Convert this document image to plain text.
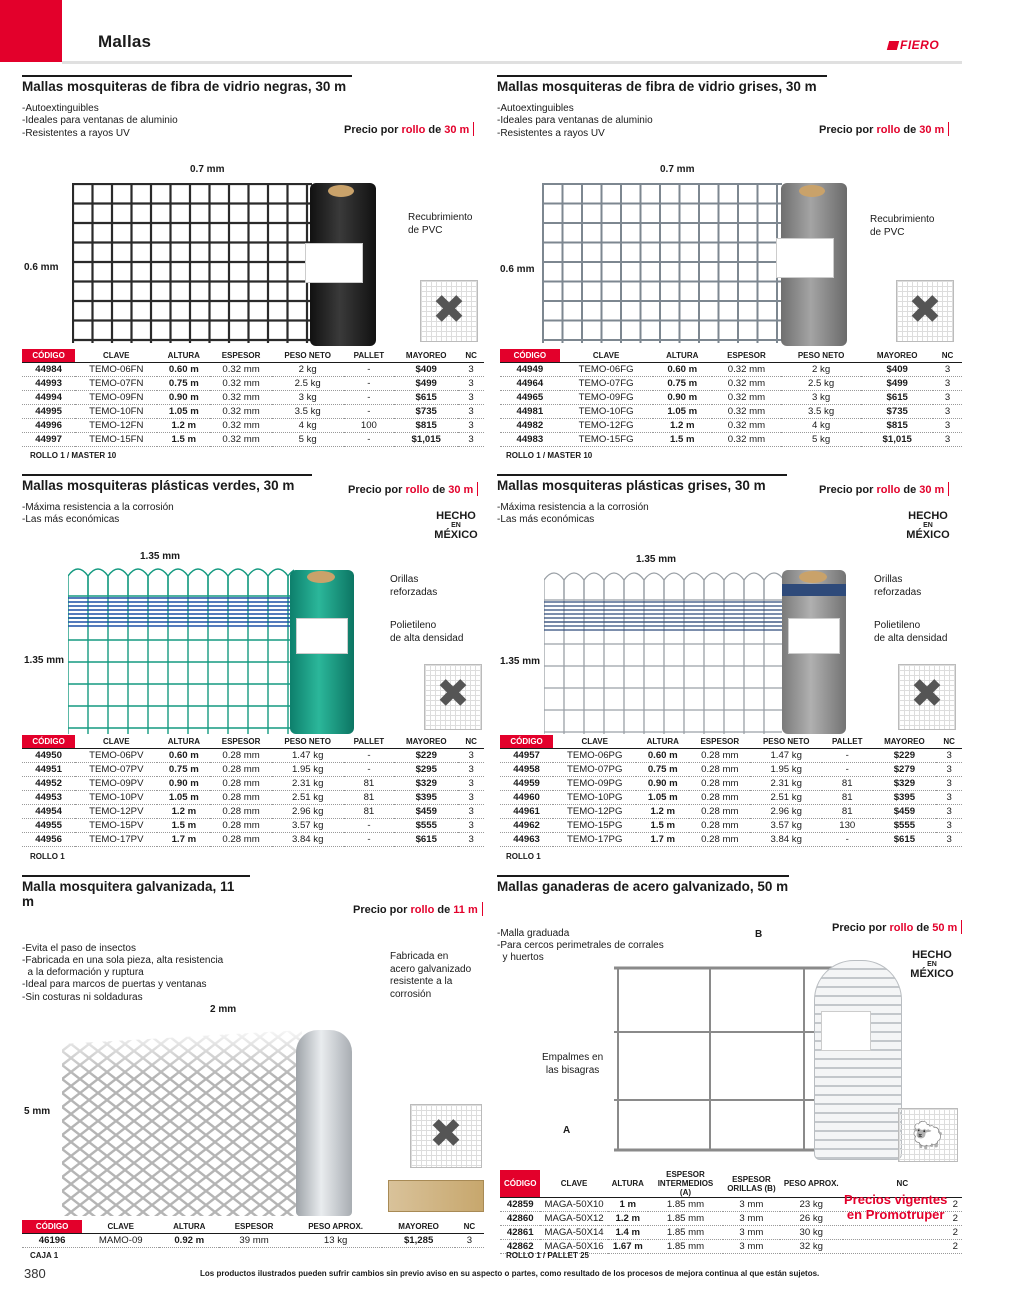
Mallas	FIERO
Mallas mosquiteras de fibra de vidrio negras, 30 m
-Autoextinguibles
-Ideales para ventanas de aluminio
-Resistentes a rayos UV	Precio por rollo de 30 m
0.7 mm
0.6 mm
Recubrimiento
de PVC
✖
CÓDIGO	CLAVE	ALTURA	ESPESOR	PESO NETO	PALLET	MAYOREO	NC
44984	TEMO-06FN	0.60 m	0.32 mm	2 kg	-	$409	3
44993	TEMO-07FN	0.75 m	0.32 mm	2.5 kg	-	$499	3
44994	TEMO-09FN	0.90 m	0.32 mm	3 kg	-	$615	3
44995	TEMO-10FN	1.05 m	0.32 mm	3.5 kg	-	$735	3
44996	TEMO-12FN	1.2 m	0.32 mm	4 kg	100	$815	3
44997	TEMO-15FN	1.5 m	0.32 mm	5 kg	-	$1,015	3
ROLLO 1 / MASTER 10
Mallas mosquiteras de fibra de vidrio grises, 30 m
-Autoextinguibles
-Ideales para ventanas de aluminio
-Resistentes a rayos UV	Precio por rollo de 30 m
0.7 mm
0.6 mm
Recubrimiento
de PVC
✖
CÓDIGO	CLAVE	ALTURA	ESPESOR	PESO NETO	MAYOREO	NC
44949	TEMO-06FG	0.60 m	0.32 mm	2 kg	$409	3
44964	TEMO-07FG	0.75 m	0.32 mm	2.5 kg	$499	3
44965	TEMO-09FG	0.90 m	0.32 mm	3 kg	$615	3
44981	TEMO-10FG	1.05 m	0.32 mm	3.5 kg	$735	3
44982	TEMO-12FG	1.2 m	0.32 mm	4 kg	$815	3
44983	TEMO-15FG	1.5 m	0.32 mm	5 kg	$1,015	3
ROLLO 1 / MASTER 10
Mallas mosquiteras plásticas verdes, 30 m
-Máxima resistencia a la corrosión
-Las más económicas
Precio por rollo de 30 m
HECHO
EN
MÉXICO
1.35 mm
1.35 mm
Orillas
reforzadas
Polietileno
de alta densidad
✖
CÓDIGO	CLAVE	ALTURA	ESPESOR	PESO NETO	PALLET	MAYOREO	NC
44950	TEMO-06PV	0.60 m	0.28 mm	1.47 kg	-	$229	3
44951	TEMO-07PV	0.75 m	0.28 mm	1.95 kg	-	$295	3
44952	TEMO-09PV	0.90 m	0.28 mm	2.31 kg	81	$329	3
44953	TEMO-10PV	1.05 m	0.28 mm	2.51 kg	81	$395	3
44954	TEMO-12PV	1.2 m	0.28 mm	2.96 kg	81	$459	3
44955	TEMO-15PV	1.5 m	0.28 mm	3.57 kg	-	$555	3
44956	TEMO-17PV	1.7 m	0.28 mm	3.84 kg	-	$615	3
ROLLO 1
Mallas mosquiteras plásticas grises, 30 m
-Máxima resistencia a la corrosión
-Las más económicas
Precio por rollo de 30 m
HECHO
EN
MÉXICO
1.35 mm
1.35 mm
Orillas
reforzadas
Polietileno
de alta densidad
✖
CÓDIGO	CLAVE	ALTURA	ESPESOR	PESO NETO	PALLET	MAYOREO	NC
44957	TEMO-06PG	0.60 m	0.28 mm	1.47 kg	-	$229	3
44958	TEMO-07PG	0.75 m	0.28 mm	1.95 kg	-	$279	3
44959	TEMO-09PG	0.90 m	0.28 mm	2.31 kg	81	$329	3
44960	TEMO-10PG	1.05 m	0.28 mm	2.51 kg	81	$395	3
44961	TEMO-12PG	1.2 m	0.28 mm	2.96 kg	81	$459	3
44962	TEMO-15PG	1.5 m	0.28 mm	3.57 kg	130	$555	3
44963	TEMO-17PG	1.7 m	0.28 mm	3.84 kg	-	$615	3
ROLLO 1
Malla mosquitera galvanizada, 11 m

-Evita el paso de insectos
-Fabricada en una sola pieza, alta resistencia
a la deformación y ruptura
-Ideal para marcos de puertas y ventanas
-Sin costuras ni soldaduras

Precio por rollo de 11 m
Fabricada en
acero galvanizado
resistente a la
corrosión
2 mm
5 mm
✖
CÓDIGO	CLAVE	ALTURA	ESPESOR	PESO APROX.	MAYOREO	NC
46196	MAMO-09	0.92 m	39 mm	13 kg	$1,285	3
CAJA 1
Mallas ganaderas de acero galvanizado, 50 m

-Malla graduada
-Para cercos perimetrales de corrales
y huertos

Precio por rollo de 50 m
B
A
Empalmes en
las bisagras
HECHO
EN
MÉXICO
🐑
CÓDIGO	CLAVE	ALTURA	ESPESOR INTERMEDIOS (A)	ESPESOR ORILLAS (B)	PESO APROX.	NC
42859	MAGA-50X10	1 m	1.85 mm	3 mm	23 kg	2
42860	MAGA-50X12	1.2 m	1.85 mm	3 mm	26 kg	2
42861	MAGA-50X14	1.4 m	1.85 mm	3 mm	30 kg	2
42862	MAGA-50X16	1.67 m	1.85 mm	3 mm	32 kg	2
Precios vigentes
en Promotruper
ROLLO 1 / PALLET 25
380	Los productos ilustrados pueden sufrir cambios sin previo aviso en su aspecto o partes, como resultado de los procesos de mejora continua al que están sujetos.
